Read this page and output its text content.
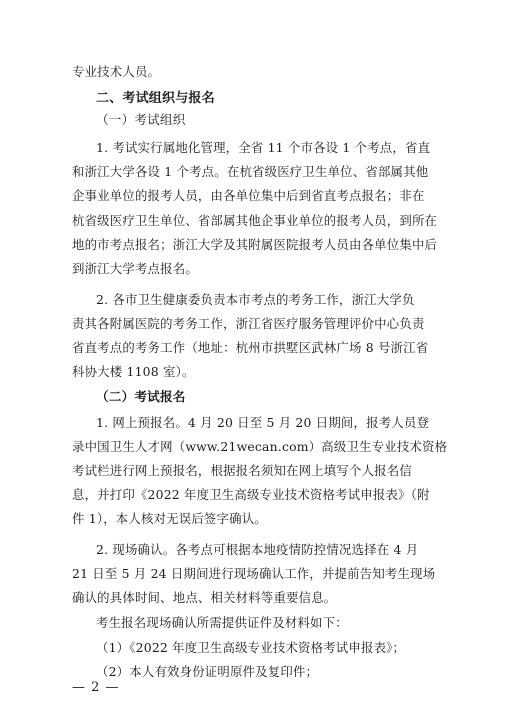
专业技术人员。
二、考试组织与报名
（一）考试组织
1. 考试实行属地化管理，全省 11 个市各设 1 个考点，省直
和浙江大学各设 1 个考点。在杭省级医疗卫生单位、省部属其他
企事业单位的报考人员，由各单位集中后到省直考点报名；非在
杭省级医疗卫生单位、省部属其他企事业单位的报考人员，到所在
地的市考点报名；浙江大学及其附属医院报考人员由各单位集中后
到浙江大学考点报名。
2. 各市卫生健康委负责本市考点的考务工作，浙江大学负
责其各附属医院的考务工作，浙江省医疗服务管理评价中心负责
省直考点的考务工作（地址：杭州市拱墅区武林广场 8 号浙江省
科协大楼 1108 室）。
（二）考试报名
1. 网上预报名。4 月 20 日至 5 月 20 日期间，报考人员登
录中国卫生人才网（www.21wecan.com）高级卫生专业技术资格
考试栏进行网上预报名，根据报名须知在网上填写个人报名信
息，并打印《2022 年度卫生高级专业技术资格考试申报表》（附
件 1），本人核对无误后签字确认。
2. 现场确认。各考点可根据本地疫情防控情况选择在 4 月
21 日至 5 月 24 日期间进行现场确认工作，并提前告知考生现场
确认的具体时间、地点、相关材料等重要信息。
考生报名现场确认所需提供证件及材料如下：
（1）《2022 年度卫生高级专业技术资格考试申报表》；
（2）本人有效身份证明原件及复印件；
— 2 —
